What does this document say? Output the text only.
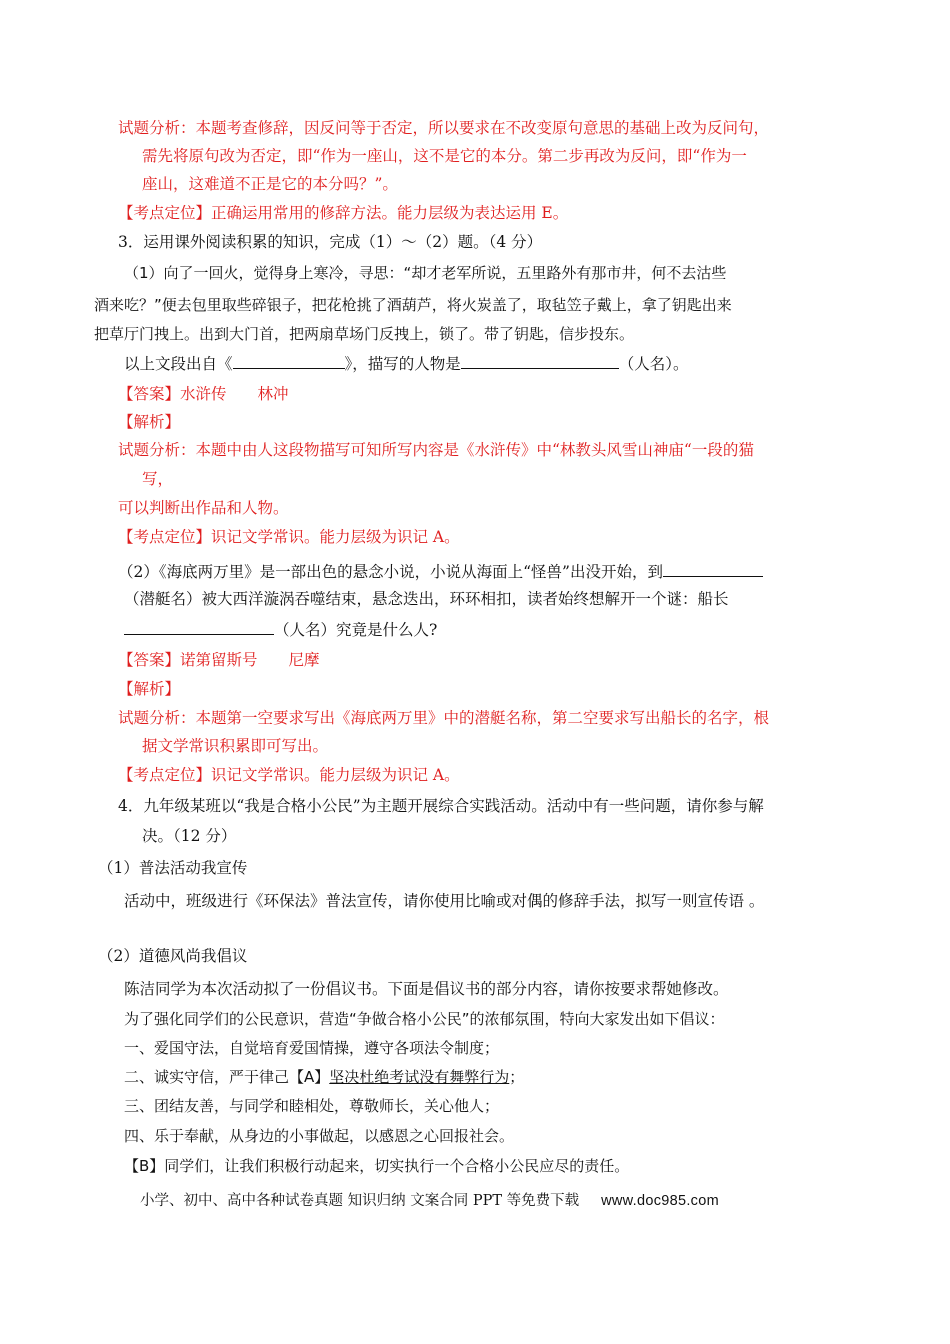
试题分析：本题考查修辞，因反问等于否定，所以要求在不改变原句意思的基础上改为反问句，
需先将原句改为否定，即“作为一座山，这不是它的本分。第二步再改为反问，即“作为一
座山，这难道不正是它的本分吗？”。
【考点定位】正确运用常用的修辞方法。能力层级为表达运用 E。
3．运用课外阅读积累的知识，完成（1）～（2）题。（4 分）
（1）向了一回火，觉得身上寒冷，寻思：“却才老军所说，五里路外有那市井，何不去沽些
酒来吃？”便去包里取些碎银子，把花枪挑了酒葫芦，将火炭盖了，取毡笠子戴上，拿了钥匙出来
把草厅门拽上。出到大门首，把两扇草场门反拽上，锁了。带了钥匙，信步投东。
以上文段出自《	》，描写的人物是	（人名）。
【答案】水浒传　　林冲
【解析】
试题分析：本题中由人这段物描写可知所写内容是《水浒传》中“林教头风雪山神庙“一段的猫
写，
可以判断出作品和人物。
【考点定位】识记文学常识。能力层级为识记 A。
（2）《海底两万里》是一部出色的悬念小说，小说从海面上“怪兽”出没开始，到
（潜艇名）被大西洋漩涡吞噬结束，悬念迭出，环环相扣，读者始终想解开一个谜：船长
（人名）究竟是什么人?
【答案】诺第留斯号　　尼摩
【解析】
试题分析：本题第一空要求写出《海底两万里》中的潜艇名称，第二空要求写出船长的名字，根
据文学常识积累即可写出。
【考点定位】识记文学常识。能力层级为识记 A。
4．九年级某班以“我是合格小公民”为主题开展综合实践活动。活动中有一些问题，请你参与解
决。（12 分）
（1）普法活动我宣传
活动中，班级进行《环保法》普法宣传，请你使用比喻或对偶的修辞手法，拟写一则宣传语 。
（2）道德风尚我倡议
陈洁同学为本次活动拟了一份倡议书。下面是倡议书的部分内容，请你按要求帮她修改。
为了强化同学们的公民意识，营造“争做合格小公民”的浓郁氛围，特向大家发出如下倡议：
一、爱国守法，自觉培育爱国情操，遵守各项法令制度；
二、诚实守信，严于律己【A】坚决杜绝考试没有舞弊行为；
三、团结友善，与同学和睦相处，尊敬师长，关心他人；
四、乐于奉献，从身边的小事做起，以感恩之心回报社会。
【B】同学们，让我们积极行动起来，切实执行一个合格小公民应尽的责任。
小学、初中、高中各种试卷真题 知识归纳 文案合同 PPT 等免费下载 www.doc985.com
